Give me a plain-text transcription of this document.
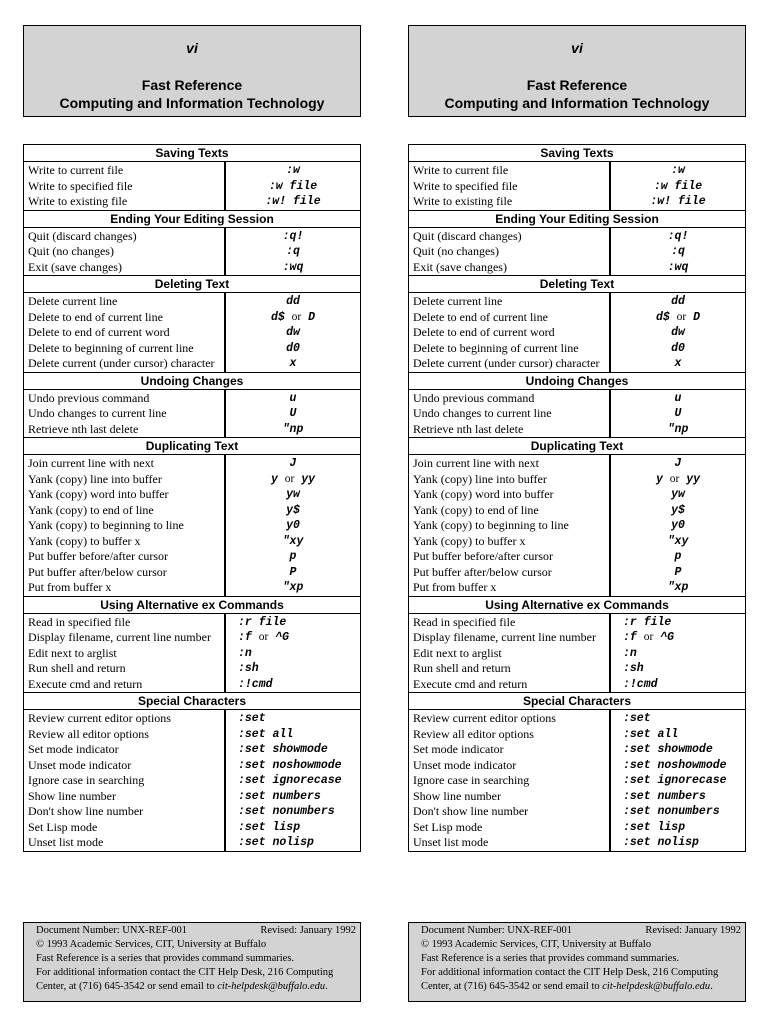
vi
Fast Reference
Computing and Information Technology
Saving Texts
Write to current file
Write to specified file
Write to existing file
:w
:w file
:w! file
Ending Your Editing Session
Quit (discard changes)
Quit (no changes)
Exit (save changes)
:q!
:q
:wq
Deleting Text
Delete current line
Delete to end of current line
Delete to end of current word
Delete to beginning of current line
Delete current (under cursor) character
dd
d$ or D
dw
d0
x
Undoing Changes
Undo previous command
Undo changes to current line
Retrieve nth last delete
u
U
"np
Duplicating Text
Join current line with next
Yank (copy) line into buffer
Yank (copy) word into buffer
Yank (copy) to end of line
Yank (copy) to beginning to line
Yank (copy) to buffer x
Put buffer before/after cursor
Put buffer after/below cursor
Put from buffer x
J
y or yy
yw
y$
y0
"xy
p
P
"xp
Using Alternative ex Commands
Read in specified file
Display filename, current line number
Edit next to arglist
Run shell and return
Execute cmd and return
:r file
:f or ^G
:n
:sh
:!cmd
Special Characters
Review current editor options
Review all editor options
Set mode indicator
Unset mode indicator
Ignore case in searching
Show line number
Don't show line number
Set Lisp mode
Unset list mode
:set
:set all
:set showmode
:set noshowmode
:set ignorecase
:set numbers
:set nonumbers
:set lisp
:set nolisp
Document Number: UNX-REF-001	Revised: January 1992
© 1993 Academic Services, CIT, University at Buffalo
Fast Reference is a series that provides command summaries.
For additional information contact the CIT Help Desk, 216 Computing
Center, at (716) 645-3542 or send email to cit-helpdesk@buffalo.edu.
vi
Fast Reference
Computing and Information Technology
Saving Texts
Write to current file
Write to specified file
Write to existing file
:w
:w file
:w! file
Ending Your Editing Session
Quit (discard changes)
Quit (no changes)
Exit (save changes)
:q!
:q
:wq
Deleting Text
Delete current line
Delete to end of current line
Delete to end of current word
Delete to beginning of current line
Delete current (under cursor) character
dd
d$ or D
dw
d0
x
Undoing Changes
Undo previous command
Undo changes to current line
Retrieve nth last delete
u
U
"np
Duplicating Text
Join current line with next
Yank (copy) line into buffer
Yank (copy) word into buffer
Yank (copy) to end of line
Yank (copy) to beginning to line
Yank (copy) to buffer x
Put buffer before/after cursor
Put buffer after/below cursor
Put from buffer x
J
y or yy
yw
y$
y0
"xy
p
P
"xp
Using Alternative ex Commands
Read in specified file
Display filename, current line number
Edit next to arglist
Run shell and return
Execute cmd and return
:r file
:f or ^G
:n
:sh
:!cmd
Special Characters
Review current editor options
Review all editor options
Set mode indicator
Unset mode indicator
Ignore case in searching
Show line number
Don't show line number
Set Lisp mode
Unset list mode
:set
:set all
:set showmode
:set noshowmode
:set ignorecase
:set numbers
:set nonumbers
:set lisp
:set nolisp
Document Number: UNX-REF-001	Revised: January 1992
© 1993 Academic Services, CIT, University at Buffalo
Fast Reference is a series that provides command summaries.
For additional information contact the CIT Help Desk, 216 Computing
Center, at (716) 645-3542 or send email to cit-helpdesk@buffalo.edu.
